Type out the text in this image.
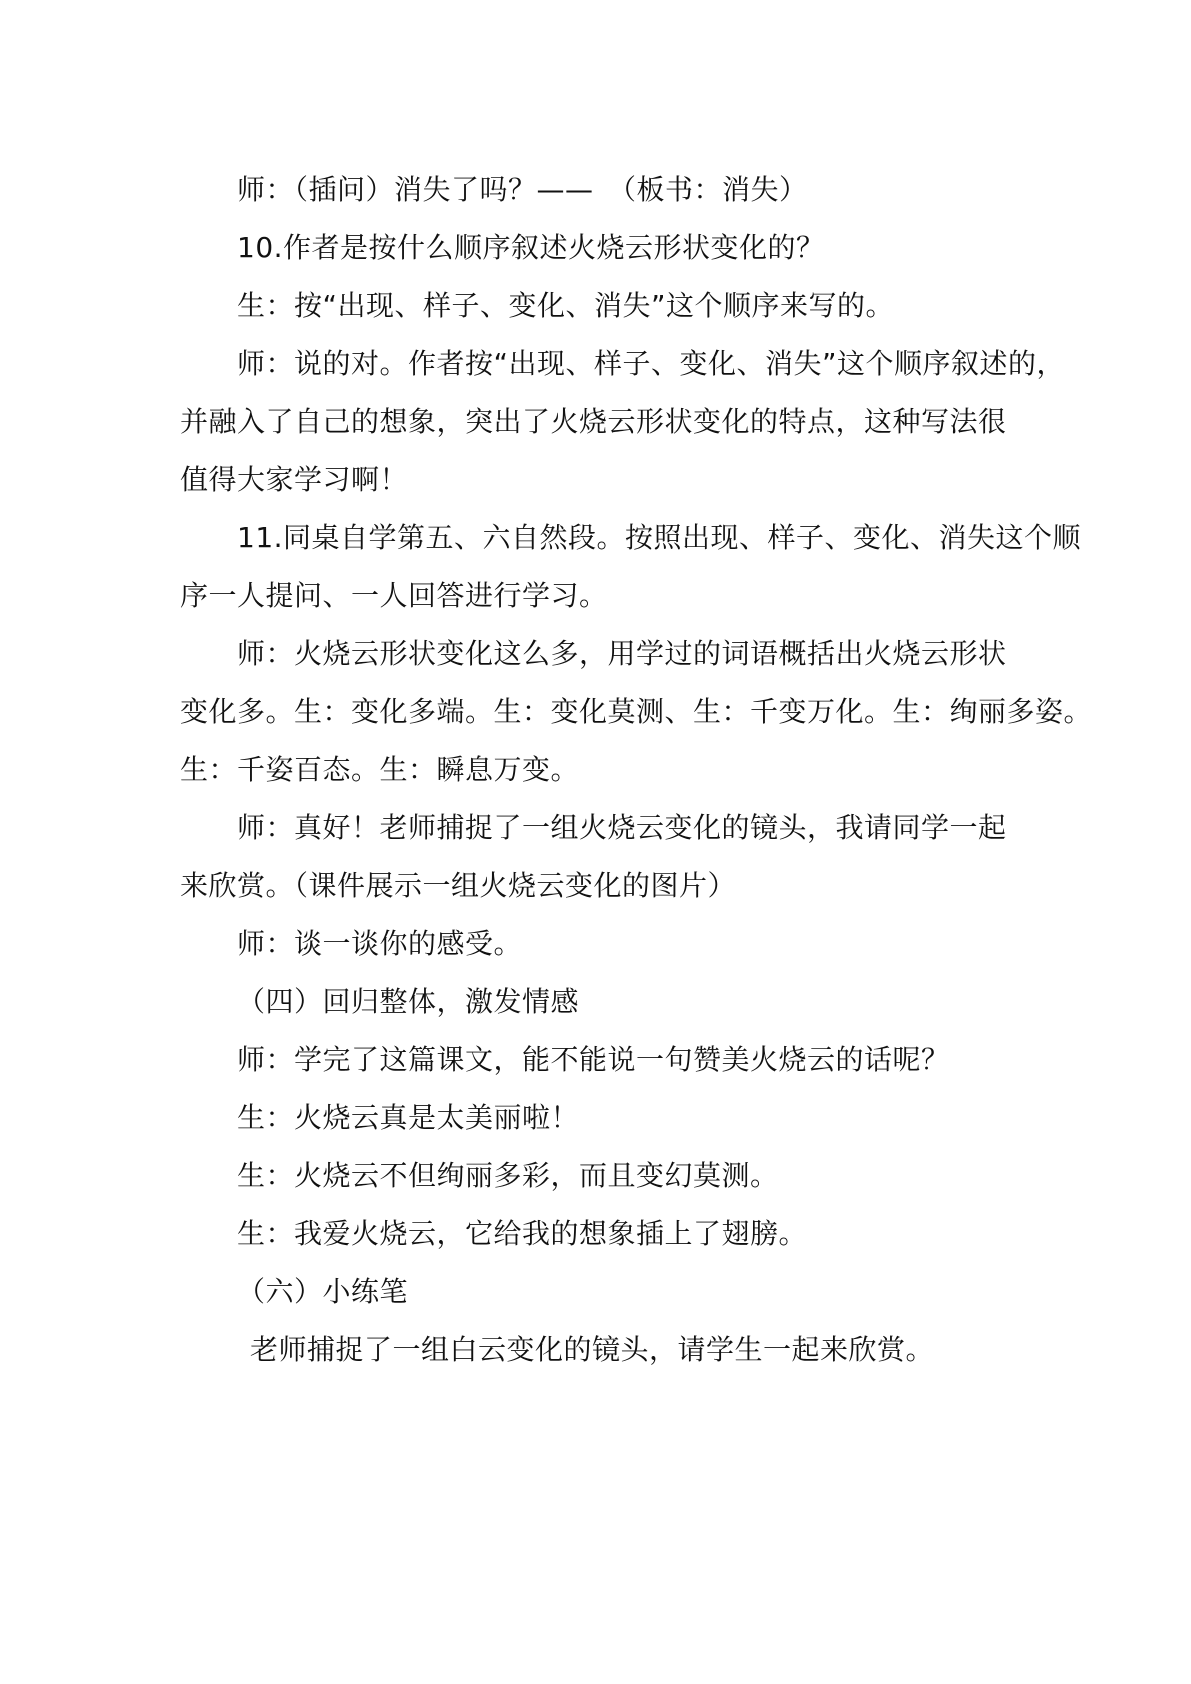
师：（插问）消失了吗？——　（板书：消失）
10.作者是按什么顺序叙述火烧云形状变化的？
生：按“出现、样子、变化、消失”这个顺序来写的。
师：说的对。作者按“出现、样子、变化、消失”这个顺序叙述的，
并融入了自己的想象，突出了火烧云形状变化的特点，这种写法很
值得大家学习啊！
11.同桌自学第五、六自然段。按照出现、样子、变化、消失这个顺
序一人提问、一人回答进行学习。
师：火烧云形状变化这么多，用学过的词语概括出火烧云形状
变化多。生：变化多端。生：变化莫测、生：千变万化。生：绚丽多姿。
生：千姿百态。生：瞬息万变。
师：真好！老师捕捉了一组火烧云变化的镜头，我请同学一起
来欣赏。（课件展示一组火烧云变化的图片）
师：谈一谈你的感受。
（四）回归整体，激发情感
师：学完了这篇课文，能不能说一句赞美火烧云的话呢？
生：火烧云真是太美丽啦！
生：火烧云不但绚丽多彩，而且变幻莫测。
生：我爱火烧云，它给我的想象插上了翅膀。
（六）小练笔
老师捕捉了一组白云变化的镜头，请学生一起来欣赏。
